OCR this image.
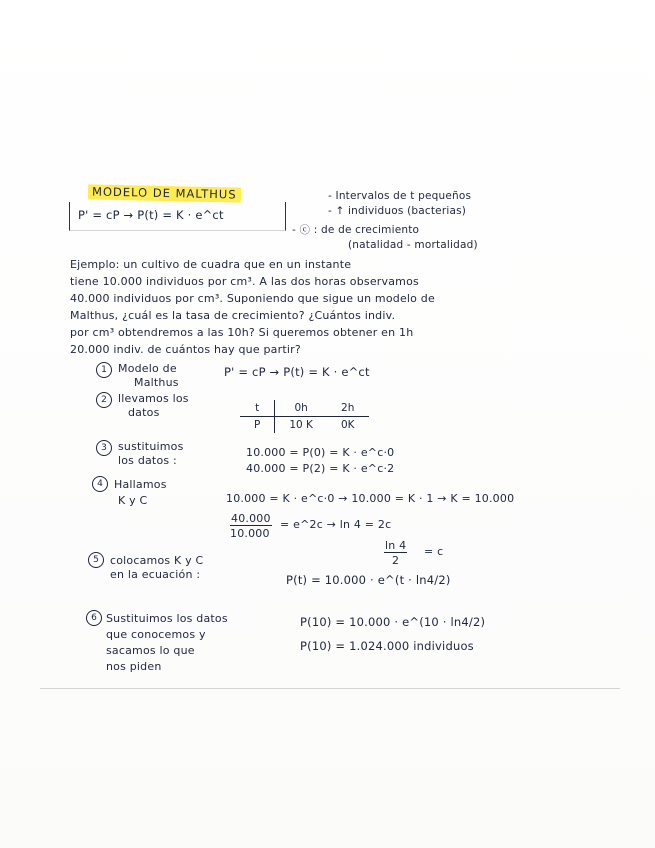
MODELO DE MALTHUS
P' = cP → P(t) = K · e^ct
- Intervalos de t pequeños
- ↑ individuos (bacterias)
- ⓒ : de de crecimiento
(natalidad - mortalidad)
Ejemplo: un cultivo de cuadra que en un instante
tiene 10.000 individuos por cm³. A las dos horas observamos
40.000 individuos por cm³. Suponiendo que sigue un modelo de
Malthus, ¿cuál es la tasa de crecimiento? ¿Cuántos indiv.
por cm³ obtendremos a las 10h? Si queremos obtener en 1h
20.000 indiv. de cuántos hay que partir?
1	Modelo de
Malthus
P' = cP → P(t) = K · e^ct
2	llevamos los
datos	t	0h	2h
P	10 K	0K
3	sustituimos
los datos :
10.000 = P(0) = K · e^c·0
40.000 = P(2) = K · e^c·2
4	Hallamos
K y C	10.000 = K · e^c·0 → 10.000 = K · 1 → K = 10.000
40.000
10.000
= e^2c → ln 4 = 2c
ln 4
2
= c
5	colocamos K y C
en la ecuación :	P(t) = 10.000 · e^(t · ln4/2)
6 Sustituimos los datos
que conocemos y
sacamos lo que
nos piden
P(10) = 10.000 · e^(10 · ln4/2)
P(10) = 1.024.000 individuos
